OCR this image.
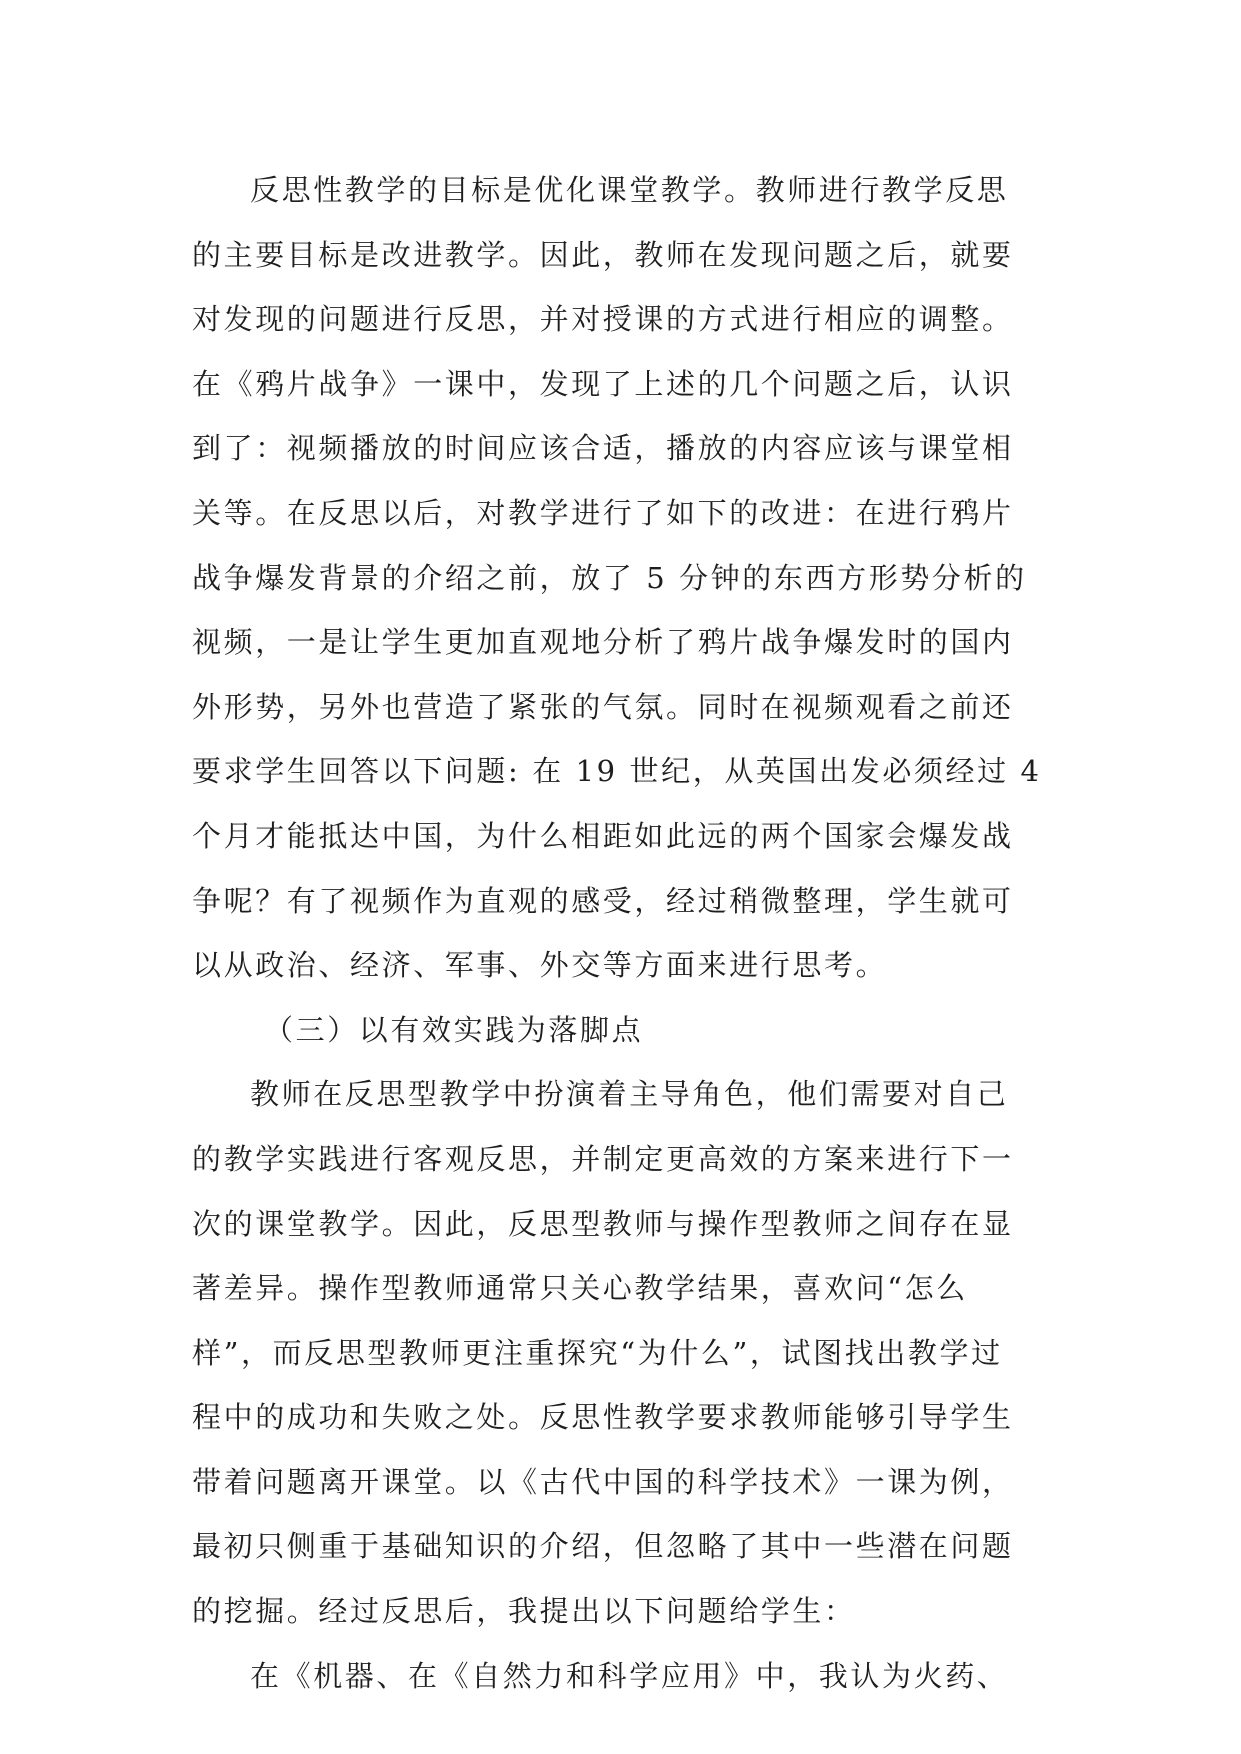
反思性教学的目标是优化课堂教学。教师进行教学反思
的主要目标是改进教学。因此，教师在发现问题之后，就要
对发现的问题进行反思，并对授课的方式进行相应的调整。
在《鸦片战争》一课中，发现了上述的几个问题之后，认识
到了：视频播放的时间应该合适，播放的内容应该与课堂相
关等。在反思以后，对教学进行了如下的改进：在进行鸦片
战争爆发背景的介绍之前，放了 5 分钟的东西方形势分析的
视频，一是让学生更加直观地分析了鸦片战争爆发时的国内
外形势，另外也营造了紧张的气氛。同时在视频观看之前还
要求学生回答以下问题: 在 19 世纪，从英国出发必须经过 4
个月才能抵达中国，为什么相距如此远的两个国家会爆发战
争呢？有了视频作为直观的感受，经过稍微整理，学生就可
以从政治、经济、军事、外交等方面来进行思考。
（三）以有效实践为落脚点
教师在反思型教学中扮演着主导角色，他们需要对自己
的教学实践进行客观反思，并制定更高效的方案来进行下一
次的课堂教学。因此，反思型教师与操作型教师之间存在显
著差异。操作型教师通常只关心教学结果，喜欢问“怎么
样”，而反思型教师更注重探究“为什么”，试图找出教学过
程中的成功和失败之处。反思性教学要求教师能够引导学生
带着问题离开课堂。以《古代中国的科学技术》一课为例，
最初只侧重于基础知识的介绍，但忽略了其中一些潜在问题
的挖掘。经过反思后，我提出以下问题给学生：
在《机器、在《自然力和科学应用》中，我认为火药、
